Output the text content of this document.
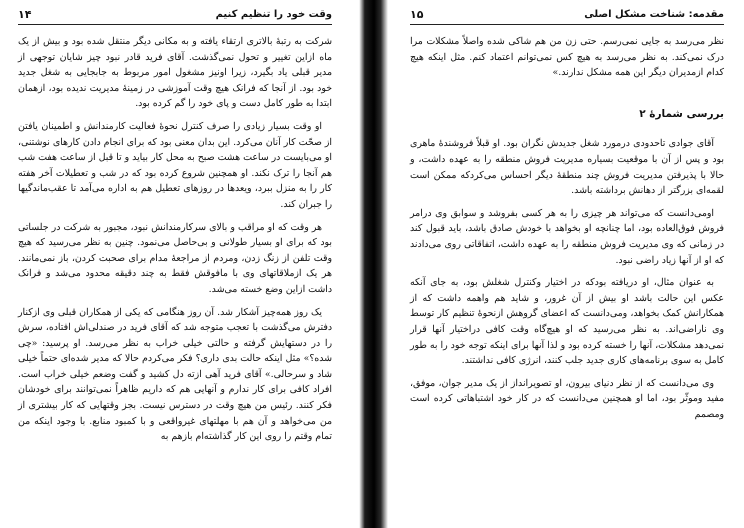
وقت خود را تنظیم کنیم
۱۴

شرکت به رتبۀ بالاتری ارتقاء یافته و به مکانی دیگر منتقل شده بود و بیش از یک ماه ازاین تغییر و تحول نمی‌گذشت. آقای فرید قادر نبود چیز شایان توجهی از مدیر قبلی یاد بگیرد، زیرا اونیز مشغول امور مربوط به جابجایی به شغل جدید خود بود. از آنجا که فرانک هیچ وقت آموزشی در زمینۀ مدیریت ندیده بود، ازهمان ابتدا به طور کامل دست و پای خود را گم کرده بود.

او وقت بسیار زیادی را صرف کنترل نحوۀ فعالیت کارمندانش و اطمینان یافتن از صحّت کار آنان می‌کرد. این بدان معنی بود که برای انجام دادن کارهای نوشتنی، او می‌بایست در ساعت هشت صبح به محل کار بیاید و تا قبل از ساعت هفت شب هم آنجا را ترک نکند. او همچنین شروع کرده بود که در شب و تعطیلات آخر هفته کار را به منزل ببرد، ویعدها در روزهای تعطیل هم به اداره می‌آمد تا عقب‌ماندگیها را جبران کند.

هر وقت که او مراقب و بالای سرکارمندانش نبود، مجبور به شرکت در جلساتی بود که برای او بسیار طولانی و بی‌حاصل می‌نمود. چنین به نظر می‌رسید که هیچ وقت تلفن از زنگ زدن، ومردم از مراجعۀ مدام برای صحبت کردن، باز نمی‌مانند. هر یک ازملاقاتهای وی با مافوقش فقط به چند دقیقه محدود می‌شد و فرانک داشت ازاین وضع خسته می‌شد.

یک روز همه‌چیز آشکار شد. آن روز هنگامی که یکی از همکاران قبلی وی ازکنار دفترش می‌گذشت با تعجب متوجه شد که آقای فرید در صندلی‌اش افتاده، سرش را در دستهایش گرفته و حالتی خیلی خراب به نظر می‌رسد. او پرسید: «چی شده؟» مثل اینکه حالت بدی داری؟ فکر می‌کردم حالا که مدیر شده‌ای حتماً خیلی شاد و سرحالی.» آقای فرید آهی ازته دل کشید و گفت وضعم خیلی خراب است. افراد کافی برای کار ندارم و آنهایی هم که داریم ظاهراً نمی‌توانند برای خودشان فکر کنند. رئیس من هیچ وقت در دسترس نیست. بجز وقتهایی که کار بیشتری از من می‌خواهد و آن هم با مهلتهای غیرواقعی و با کمبود منابع. با وجود اینکه من تمام وقتم را روی این کار گذاشته‌ام بازهم به

مقدمه: شناخت مشکل اصلی
۱۵

نظر می‌رسد به جایی نمی‌رسم. حتی زن من هم شاکی شده واصلاً مشکلات مرا درک نمی‌کند. به نظر می‌رسد به هیچ کس نمی‌توانم اعتماد کنم. مثل اینکه هیچ کدام ازمدیران دیگر این همه مشکل ندارند.»

بررسی شمارهٔ ۲

آقای جوادی تاحدودی درمورد شغل جدیدش نگران بود. او قبلاً فروشندۀ ماهری بود و پس از آن با موقعیت بسیاره مدیریت فروش منطقه را به عهده داشت، و حالا با پذیرفتن مدیریت فروش چند منطقۀ دیگر احساس می‌کردکه ممکن است لقمه‌ای بزرگتر از دهانش برداشته باشد.

اومی‌دانست که می‌تواند هر چیزی را به هر کسی بفروشد و سوابق وی درامر فروش فوق‌العاده بود، اما چنانچه او بخواهد با خودش صادق باشد، باید قبول کند در زمانی که وی مدیریت فروش منطقه را به عهده داشت، اتفاقاتی روی می‌دادند که او از آنها زیاد راضی نبود.

به عنوان مثال، او دریافته بودکه در اختیار وکنترل شغلش بود، به جای آنکه عکس این حالت باشد او بیش از آن غرور، و شاید هم واهمه داشت که از همکارانش کمک بخواهد، ومی‌دانست که اعضای گروهش ازنحوۀ تنظیم کار توسط وی ناراضی‌اند. به نظر می‌رسید که او هیچ‌گاه وقت کافی دراختیار آنها قرار نمی‌دهد مشکلات، آنها را خسته کرده بود و لذا آنها برای اینکه توجه خود را به طور کامل به سوی برنامه‌های کاری جدید جلب کنند، انرژی کافی نداشتند.

وی می‌دانست که از نظر دنیای بیرون، او تصویرانداز از یک مدیر جوان، موفق، مفید وموثّر بود، اما او همچنین می‌دانست که در کار خود اشتباهاتی کرده است ومصمم
